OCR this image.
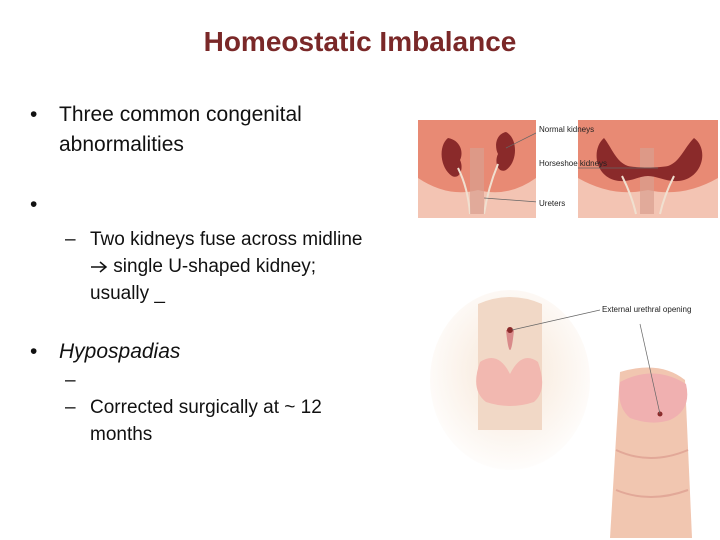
Homeostatic Imbalance
• Three common congenital abnormalities
•

– Two kidneys fuse across midline  single U-shaped kidney; usually _
• Hypospadias
–

– Corrected surgically at ~ 12 months
Normal kidneys
Horseshoe kidneys
Ureters
External urethral opening
